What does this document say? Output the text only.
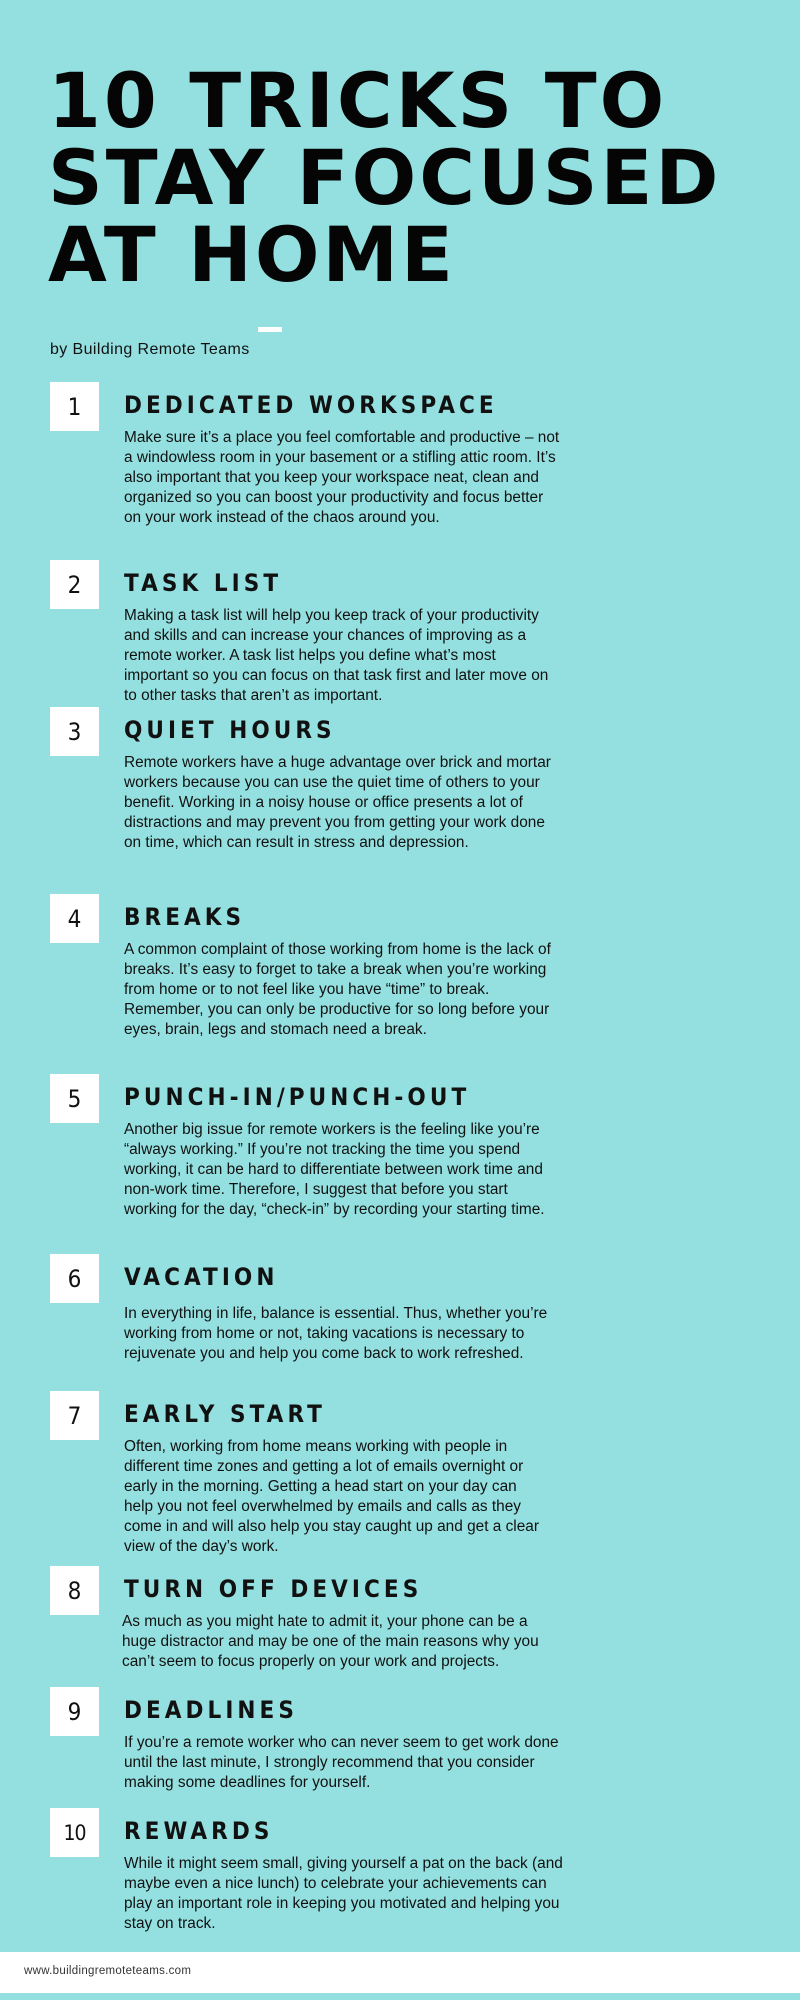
10 TRICKS TO
STAY FOCUSED
AT HOME
by Building Remote Teams
1	DEDICATED WORKSPACE

Make sure it’s a place you feel comfortable and productive – not a windowless room in your basement or a stifling attic room. It’s also important that you keep your workspace neat, clean and organized so you can boost your productivity and focus better on your work instead of the chaos around you.

2	TASK LIST

Making a task list will help you keep track of your productivity and skills and can increase your chances of improving as a remote worker. A task list helps you define what’s most important so you can focus on that task first and later move on to other tasks that aren’t as important.

3	QUIET HOURS

Remote workers have a huge advantage over brick and mortar workers because you can use the quiet time of others to your benefit. Working in a noisy house or office presents a lot of distractions and may prevent you from getting your work done on time, which can result in stress and depression.

4	BREAKS

A common complaint of those working from home is the lack of breaks. It’s easy to forget to take a break when you’re working from home or to not feel like you have “time” to break. Remember, you can only be productive for so long before your eyes, brain, legs and stomach need a break.

5	PUNCH-IN/PUNCH-OUT

Another big issue for remote workers is the feeling like you’re “always working.” If you’re not tracking the time you spend working, it can be hard to differentiate between work time and non-work time. Therefore, I suggest that before you start working for the day, “check-in” by recording your starting time.

6	VACATION

In everything in life, balance is essential. Thus, whether you’re working from home or not, taking vacations is necessary to rejuvenate you and help you come back to work refreshed.

7	EARLY START

Often, working from home means working with people in different time zones and getting a lot of emails overnight or early in the morning. Getting a head start on your day can help you not feel overwhelmed by emails and calls as they come in and will also help you stay caught up and get a clear view of the day’s work.

8	TURN OFF DEVICES

As much as you might hate to admit it, your phone can be a huge distractor and may be one of the main reasons why you can’t seem to focus properly on your work and projects.

9	DEADLINES

If you’re a remote worker who can never seem to get work done until the last minute, I strongly recommend that you consider making some deadlines for yourself.

10	REWARDS

While it might seem small, giving yourself a pat on the back (and maybe even a nice lunch) to celebrate your achievements can play an important role in keeping you motivated and helping you stay on track.

www.buildingremoteteams.com
